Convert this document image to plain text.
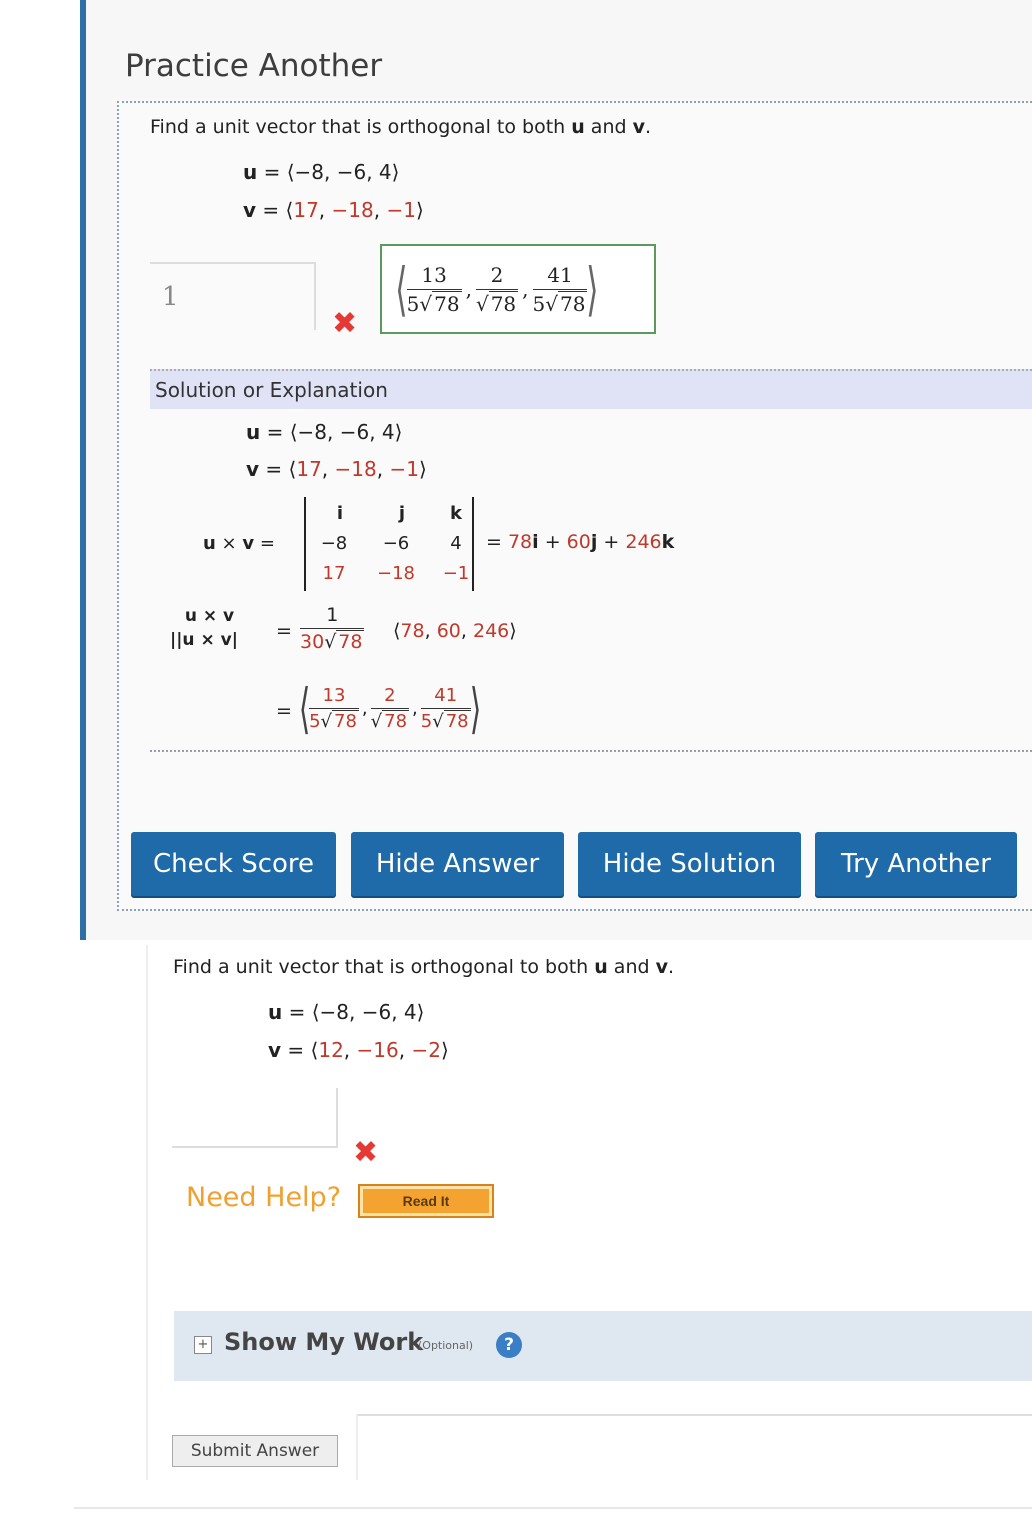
Practice Another
Find a unit vector that is orthogonal to both u and v.
u = ⟨−8, −6, 4⟩
v = ⟨17, −18, −1⟩
1
✖
⟨ $\frac{13}{5√ 78}$ , $\frac{2}{√ 78}$ , $\frac{41}{5√ 78}$ ⟩
Solution or Explanation
u = ⟨−8, −6, 4⟩
v = ⟨17, −18, −1⟩
u × v =
i	j	k
−8	−6	4
17	−18	−1
= 78i + 60j + 246k
u × v
$||u \times v| = \frac{1}{30√ 78}$ ⟨78, 60, 246⟩
= ⟨
$\frac{13}{5√ 78}$ , $\frac{2}{√ 78}$ , $\frac{41}{5√ 78}$
⟩
Check Score	Hide Answer	Hide Solution	Try Another
Find a unit vector that is orthogonal to both u and v.
u = ⟨−8, −6, 4⟩
v = ⟨12, −16, −2⟩
✖
Need Help?	Read It
+ Show My Work
(Optional)	?
Submit Answer
